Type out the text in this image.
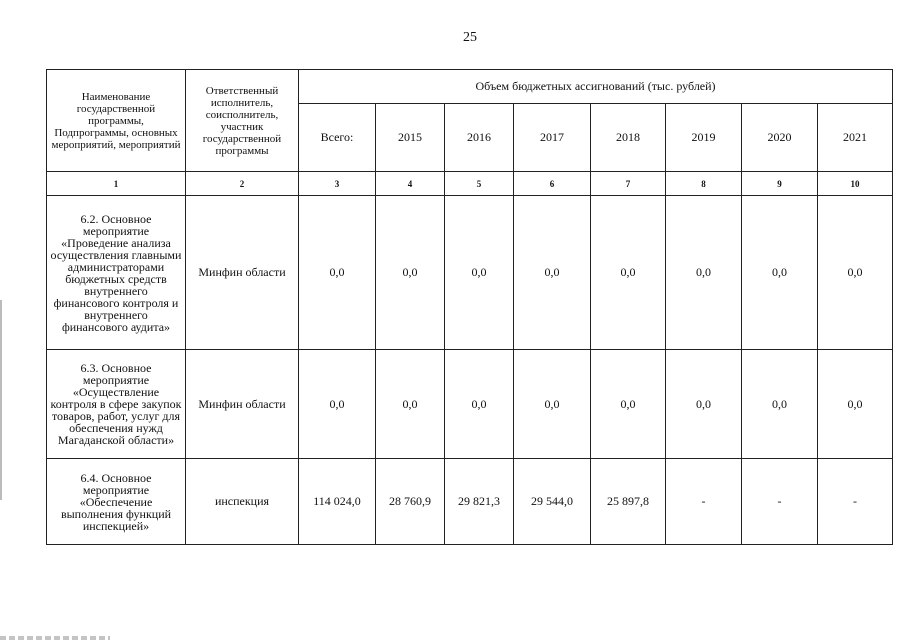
25
Наименование государственной программы, Подпрограммы, основных мероприятий, мероприятий	Ответственный исполнитель, соисполнитель, участник государственной программы	Объем бюджетных ассигнований (тыс. рублей)							
		Всего:	2015	2016	2017	2018	2019	2020	2021
1	2	3	4	5	6	7	8	9	10
6.2. Основное мероприятие «Проведение анализа осуществления главными администраторами бюджетных средств внутреннего финансового контроля и внутреннего финансового аудита»	Минфин области	0,0	0,0	0,0	0,0	0,0	0,0	0,0	0,0
6.3. Основное мероприятие «Осуществление контроля в сфере закупок товаров, работ, услуг для обеспечения нужд Магаданской области»	Минфин области	0,0	0,0	0,0	0,0	0,0	0,0	0,0	0,0
6.4. Основное мероприятие «Обеспечение выполнения функций инспекцией»	инспекция	114 024,0	28 760,9	29 821,3	29 544,0	25 897,8	-	-	-
